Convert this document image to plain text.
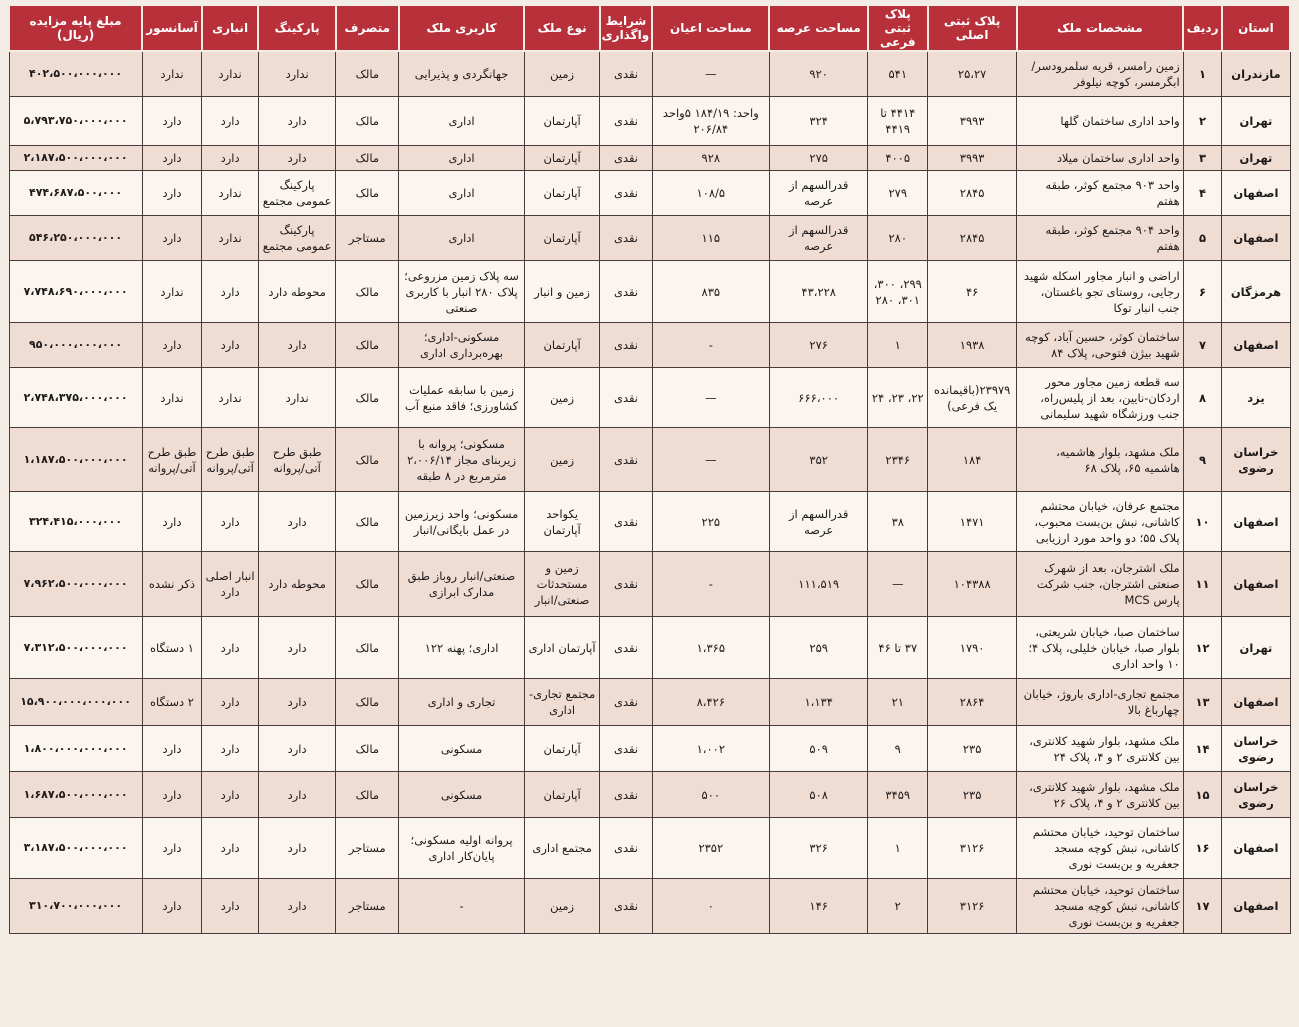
استان	ردیف	مشخصات ملک	پلاک ثبتی اصلی	پلاک ثبتی فرعی	مساحت عرصه	مساحت اعیان	شرایط واگذاری	نوع ملک	کاربری ملک	متصرف	پارکینگ	انباری	آسانسور	مبلغ پایه مزایده (ریال)
مازندران	۱	زمین رامسر، قریه سلمرودسر/ ابگرمسر، کوچه نیلوفر	۲۵،۲۷	۵۴۱	۹۲۰	—	نقدی	زمین	جهانگردی و پذیرایی	مالک	ندارد	ندارد	ندارد	۴۰۲،۵۰۰،۰۰۰،۰۰۰
تهران	۲	واحد اداری ساختمان گلها	۳۹۹۳	۴۴۱۴ تا ۴۴۱۹	۳۲۴	واحد: ۱۸۴/۱۹ ۵واحد ۲۰۶/۸۴	نقدی	آپارتمان	اداری	مالک	دارد	دارد	دارد	۵،۷۹۳،۷۵۰،۰۰۰،۰۰۰
تهران	۳	واحد اداری ساختمان میلاد	۳۹۹۳	۴۰۰۵	۲۷۵	۹۲۸	نقدی	آپارتمان	اداری	مالک	دارد	دارد	دارد	۲،۱۸۷،۵۰۰،۰۰۰،۰۰۰
اصفهان	۴	واحد ۹۰۳ مجتمع کوثر، طبقه هفتم	۲۸۴۵	۲۷۹	قدرالسهم از عرصه	۱۰۸/۵	نقدی	آپارتمان	اداری	مالک	پارکینگ عمومی مجتمع	ندارد	دارد	۴۷۴،۶۸۷،۵۰۰،۰۰۰
اصفهان	۵	واحد ۹۰۴ مجتمع کوثر، طبقه هفتم	۲۸۴۵	۲۸۰	قدرالسهم از عرصه	۱۱۵	نقدی	آپارتمان	اداری	مستاجر	پارکینگ عمومی مجتمع	ندارد	دارد	۵۴۶،۲۵۰،۰۰۰،۰۰۰
هرمزگان	۶	اراضی و انبار مجاور اسکله شهید رجایی، روستای تجو باغستان، جنب انبار توکا	۴۶	۲۹۹، ۳۰۰، ۳۰۱، ۲۸۰	۴۳،۲۲۸	۸۳۵	نقدی	زمین و انبار	سه پلاک زمین مزروعی؛ پلاک ۲۸۰ انبار با کاربری صنعتی	مالک	محوطه دارد	دارد	ندارد	۷،۷۴۸،۶۹۰،۰۰۰،۰۰۰
اصفهان	۷	ساختمان کوثر، حسین آباد، کوچه شهید بیژن فتوحی، پلاک ۸۴	۱۹۳۸	۱	۲۷۶	-	نقدی	آپارتمان	مسکونی-اداری؛ بهره‌برداری اداری	مالک	دارد	دارد	دارد	۹۵۰،۰۰۰،۰۰۰،۰۰۰
یزد	۸	سه قطعه زمین مجاور محور اردکان-نایین، بعد از پلیس‌راه، جنب ورزشگاه شهید سلیمانی	۲۳۹۷۹(باقیمانده یک فرعی)	۲۲، ۲۳، ۲۴	۶۶۶،۰۰۰	—	نقدی	زمین	زمین با سابقه عملیات کشاورزی؛ فاقد منبع آب	مالک	ندارد	ندارد	ندارد	۲،۷۴۸،۳۷۵،۰۰۰،۰۰۰
خراسان رضوی	۹	ملک مشهد، بلوار هاشمیه، هاشمیه ۶۵، پلاک ۶۸	۱۸۴	۲۳۴۶	۳۵۲	—	نقدی	زمین	مسکونی؛ پروانه با زیربنای مجاز ۲،۰۰۶/۱۴ مترمربع در ۸ طبقه	مالک	طبق طرح آتی/پروانه	طبق طرح آتی/پروانه	طبق طرح آتی/پروانه	۱،۱۸۷،۵۰۰،۰۰۰،۰۰۰
اصفهان	۱۰	مجتمع عرفان، خیابان محتشم کاشانی، نبش بن‌بست محبوب، پلاک ۵۵؛ دو واحد مورد ارزیابی	۱۴۷۱	۳۸	قدرالسهم از عرصه	۲۲۵	نقدی	یکواحد آپارتمان	مسکونی؛ واحد زیرزمین در عمل بایگانی/انبار	مالک	دارد	دارد	دارد	۳۲۴،۴۱۵،۰۰۰،۰۰۰
اصفهان	۱۱	ملک اشترجان، بعد از شهرک صنعتی اشترجان، جنب شرکت پارس MCS	۱۰۴۳۸۸	—	۱۱۱،۵۱۹	-	نقدی	زمین و مستحدثات صنعتی/انبار	صنعتی/انبار روباز طبق مدارک ابرازی	مالک	محوطه دارد	انبار اصلی دارد	ذکر نشده	۷،۹۶۲،۵۰۰،۰۰۰،۰۰۰
تهران	۱۲	ساختمان صبا، خیابان شریعتی، بلوار صبا، خیابان خلیلی، پلاک ۴؛ ۱۰ واحد اداری	۱۷۹۰	۳۷ تا ۴۶	۲۵۹	۱،۳۶۵	نقدی	آپارتمان اداری	اداری؛ پهنه ۱۲۲	مالک	دارد	دارد	۱ دستگاه	۷،۳۱۲،۵۰۰،۰۰۰،۰۰۰
اصفهان	۱۳	مجتمع تجاری-اداری باروژ، خیابان چهارباغ بالا	۲۸۶۴	۲۱	۱،۱۳۴	۸،۴۲۶	نقدی	مجتمع تجاری-اداری	تجاری و اداری	مالک	دارد	دارد	۲ دستگاه	۱۵،۹۰۰،۰۰۰،۰۰۰،۰۰۰
خراسان رضوی	۱۴	ملک مشهد، بلوار شهید کلانتری، بین کلانتری ۲ و ۴، پلاک ۲۴	۲۳۵	۹	۵۰۹	۱،۰۰۲	نقدی	آپارتمان	مسکونی	مالک	دارد	دارد	دارد	۱،۸۰۰،۰۰۰،۰۰۰،۰۰۰
خراسان رضوی	۱۵	ملک مشهد، بلوار شهید کلانتری، بین کلانتری ۲ و ۴، پلاک ۲۶	۲۳۵	۳۴۵۹	۵۰۸	۵۰۰	نقدی	آپارتمان	مسکونی	مالک	دارد	دارد	دارد	۱،۶۸۷،۵۰۰،۰۰۰،۰۰۰
اصفهان	۱۶	ساختمان توحید، خیابان محتشم کاشانی، نبش کوچه مسجد جعفریه و بن‌بست نوری	۳۱۲۶	۱	۳۲۶	۲۳۵۲	نقدی	مجتمع اداری	پروانه اولیه مسکونی؛ پایان‌کار اداری	مستاجر	دارد	دارد	دارد	۳،۱۸۷،۵۰۰،۰۰۰،۰۰۰
اصفهان	۱۷	ساختمان توحید، خیابان محتشم کاشانی، نبش کوچه مسجد جعفریه و بن‌بست نوری	۳۱۲۶	۲	۱۴۶	۰	نقدی	زمین	-	مستاجر	دارد	دارد	دارد	۳۱۰،۷۰۰،۰۰۰،۰۰۰
